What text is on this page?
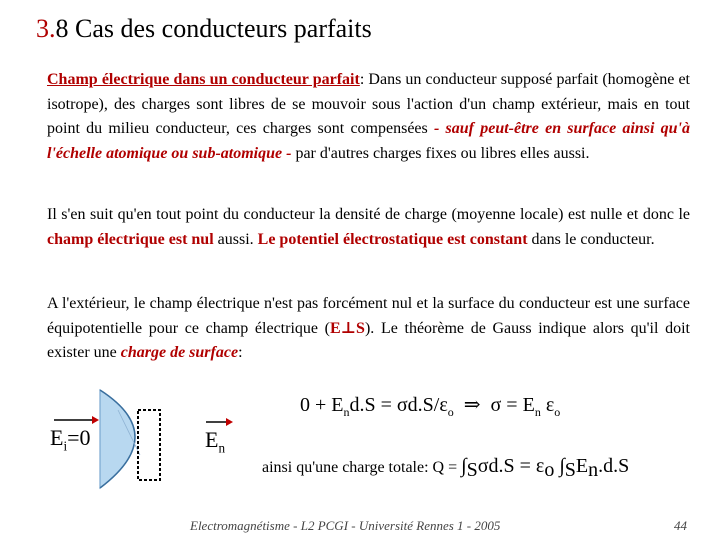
3.8 Cas des conducteurs parfaits
Champ électrique dans un conducteur parfait: Dans un conducteur supposé parfait (homogène et isotrope), des charges sont libres de se mouvoir sous l'action d'un champ extérieur, mais en tout point du milieu conducteur, ces charges sont compensées - sauf peut-être en surface ainsi qu'à l'échelle atomique ou sub-atomique - par d'autres charges fixes ou libres elles aussi.
Il s'en suit qu'en tout point du conducteur la densité de charge (moyenne locale) est nulle et donc le champ électrique est nul aussi. Le potentiel électrostatique est constant dans le conducteur.
A l'extérieur, le champ électrique n'est pas forcément nul et la surface du conducteur est une surface équipotentielle pour ce champ électrique (E⊥S). Le théorème de Gauss indique alors qu'il doit exister une charge de surface:
$E_i=0$	$E_n$
$0 + E_nd.S = \sigma d.S/\varepsilon_o$  ⇒  $\sigma = E_n$ $\varepsilon_o$
ainsi qu'une charge totale: $Q = \int_S\sigma d.S = \varepsilon_o$ $\int_SE_n.d.S$
Electromagnétisme - L2 PCGI - Université Rennes 1 - 2005	44
